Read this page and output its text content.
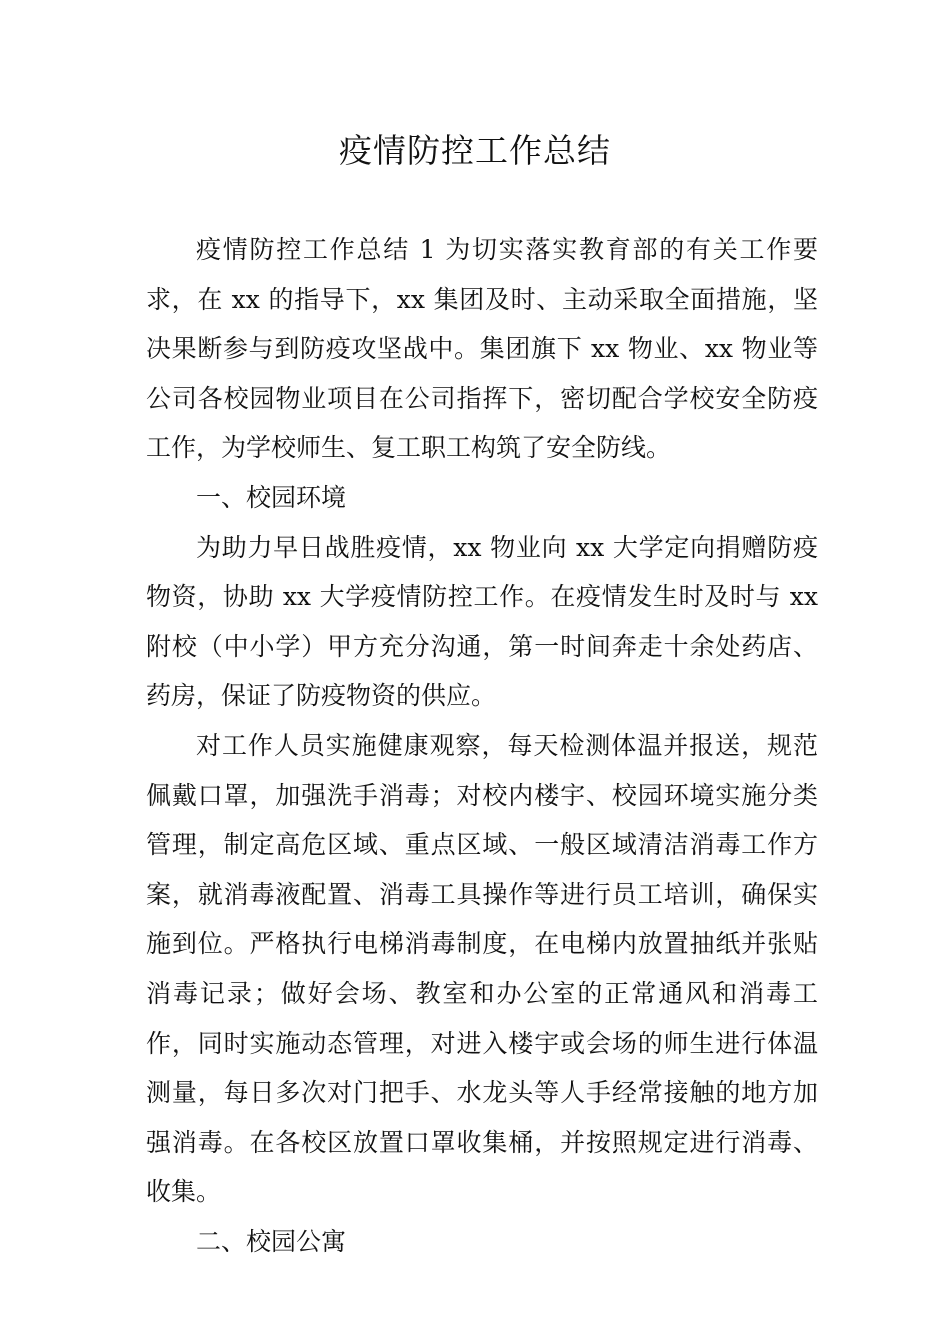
疫情防控工作总结

疫情防控工作总结 1 为切实落实教育部的有关工作要求，在 xx 的指导下，xx 集团及时、主动采取全面措施，坚决果断参与到防疫攻坚战中。集团旗下 xx 物业、xx 物业等公司各校园物业项目在公司指挥下，密切配合学校安全防疫工作，为学校师生、复工职工构筑了安全防线。

一、校园环境

为助力早日战胜疫情，xx 物业向 xx 大学定向捐赠防疫物资，协助 xx 大学疫情防控工作。在疫情发生时及时与 xx 附校（中小学）甲方充分沟通，第一时间奔走十余处药店、药房，保证了防疫物资的供应。

对工作人员实施健康观察，每天检测体温并报送，规范佩戴口罩，加强洗手消毒；对校内楼宇、校园环境实施分类管理，制定高危区域、重点区域、一般区域清洁消毒工作方案，就消毒液配置、消毒工具操作等进行员工培训，确保实施到位。严格执行电梯消毒制度，在电梯内放置抽纸并张贴消毒记录；做好会场、教室和办公室的正常通风和消毒工作，同时实施动态管理，对进入楼宇或会场的师生进行体温测量，每日多次对门把手、水龙头等人手经常接触的地方加强消毒。在各校区放置口罩收集桶，并按照规定进行消毒、收集。

二、校园公寓
